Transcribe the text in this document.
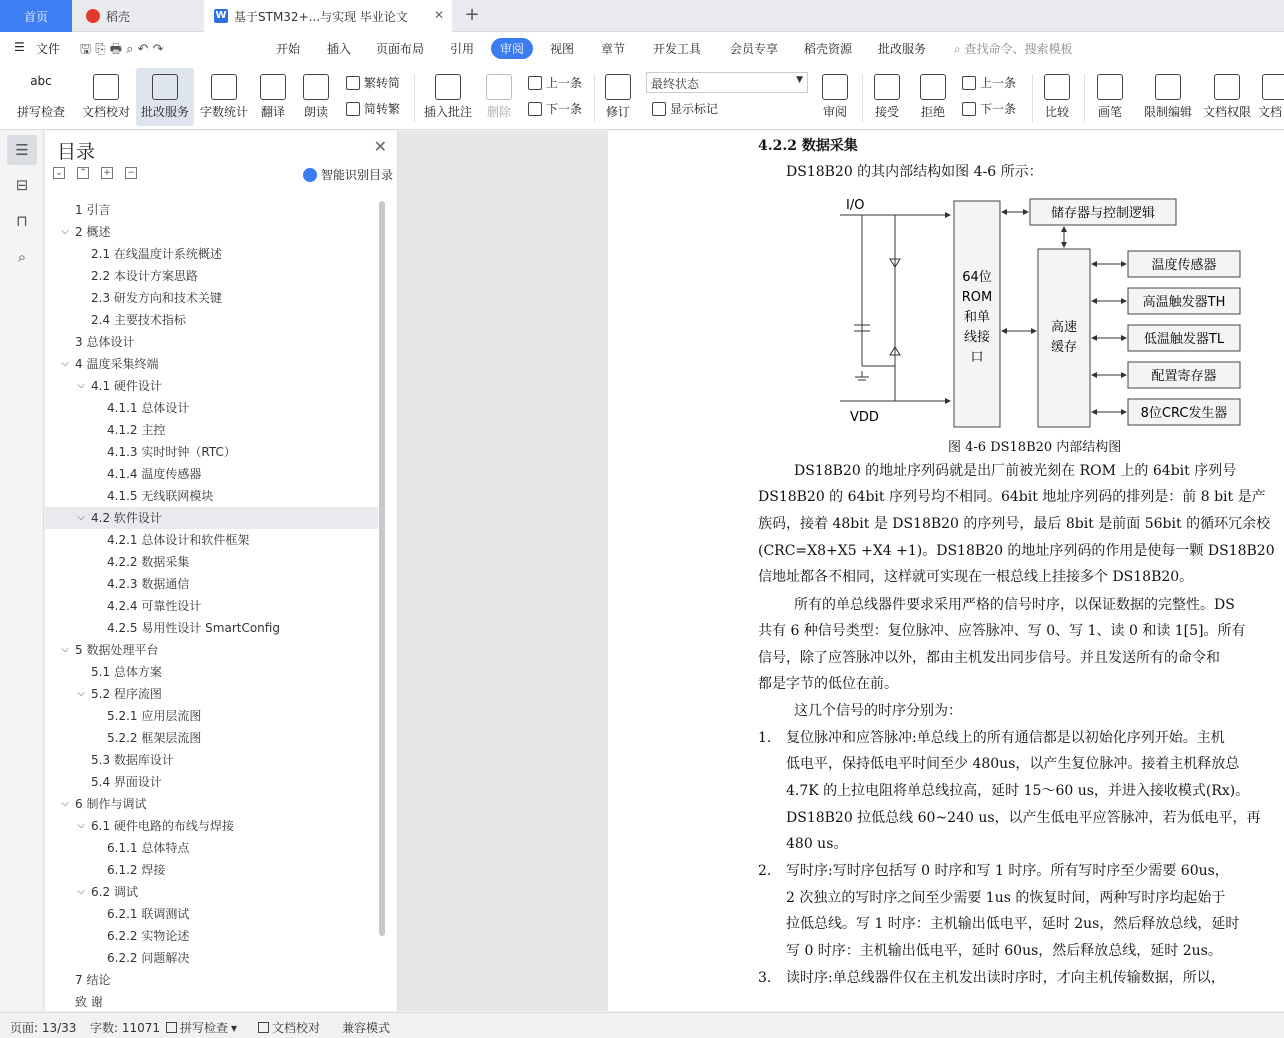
首页	稻壳	W 基于STM32+...与实现 毕业论文 ✕ +
☰ 文件 🖫 ⎘ 🖶 ⌕ ↶ ↷	开始 插入 页面布局 引用	审阅	视图 章节 开发工具 会员专享 稻壳资源 批改服务 ⌕ 查找命令、搜索模板
abc
拼写检查 文档校对 批改服务 字数统计 翻译 朗读
繁转简
简转繁 插入批注 删除
上一条
下一条 修订
最终状态	▼
显示标记	审阅 接受 拒绝
上一条
下一条 比较 画笔 限制编辑 文档权限 文档
☰
⊟
⊓
⌕
目录	✕
⌄ ⌃ + −	智能识别目录
1 引言
⌵ 2 概述
2.1 在线温度计系统概述
2.2 本设计方案思路
2.3 研发方向和技术关键
2.4 主要技术指标
3 总体设计
⌵ 4 温度采集终端
⌵ 4.1 硬件设计
4.1.1 总体设计
4.1.2 主控
4.1.3 实时时钟（RTC）
4.1.4 温度传感器
4.1.5 无线联网模块
⌵ 4.2 软件设计
4.2.1 总体设计和软件框架
4.2.2 数据采集
4.2.3 数据通信
4.2.4 可靠性设计
4.2.5 易用性设计 SmartConfig
⌵ 5 数据处理平台
5.1 总体方案
⌵ 5.2 程序流图
5.2.1 应用层流图
5.2.2 框架层流图
5.3 数据库设计
5.4 界面设计
⌵ 6 制作与调试
⌵ 6.1 硬件电路的布线与焊接
6.1.1 总体特点
6.1.2 焊接
⌵ 6.2 调试
6.2.1 联调测试
6.2.2 实物论述
6.2.2 问题解决
7 结论
致 谢
4.2.2 数据采集
DS18B20 的其内部结构如图 4-6 所示：
I/O
VDD
64位
ROM
和单
线接
口
储存器与控制逻辑
高速
缓存
温度传感器
高温触发器TH
低温触发器TL
配置寄存器
8位CRC发生器
图 4-6 DS18B20 内部结构图
DS18B20 的地址序列码就是出厂前被光刻在 ROM 上的 64bit 序列号
DS18B20 的 64bit 序列号均不相同。64bit 地址序列码的排列是：前 8 bit 是产
族码，接着 48bit 是 DS18B20 的序列号，最后 8bit 是前面 56bit 的循环冗余校
(CRC=X8+X5 +X4 +1)。DS18B20 的地址序列码的作用是使每一颗 DS18B20
信地址都各不相同，这样就可实现在一根总线上挂接多个 DS18B20。
所有的单总线器件要求采用严格的信号时序，以保证数据的完整性。DS
共有 6 种信号类型：复位脉冲、应答脉冲、写 0、写 1、读 0 和读 1[5]。所有
信号，除了应答脉冲以外，都由主机发出同步信号。并且发送所有的命令和
都是字节的低位在前。
这几个信号的时序分别为：
复位脉冲和应答脉冲:单总线上的所有通信都是以初始化序列开始。主机
低电平，保持低电平时间至少 480us，以产生复位脉冲。接着主机释放总
4.7K 的上拉电阻将单总线拉高，延时 15～60 us，并进入接收模式(Rx)。
DS18B20 拉低总线 60~240 us，以产生低电平应答脉冲，若为低电平，再
480 us。
写时序:写时序包括写 0 时序和写 1 时序。所有写时序至少需要 60us，
2 次独立的写时序之间至少需要 1us 的恢复时间，两种写时序均起始于
拉低总线。写 1 时序：主机输出低电平，延时 2us，然后释放总线，延时
写 0 时序：主机输出低电平，延时 60us，然后释放总线，延时 2us。
读时序:单总线器件仅在主机发出读时序时，才向主机传输数据，所以，
1.
2.
3.
页面: 13/33 字数: 11071 拼写检查 ▾	文档校对 兼容模式
